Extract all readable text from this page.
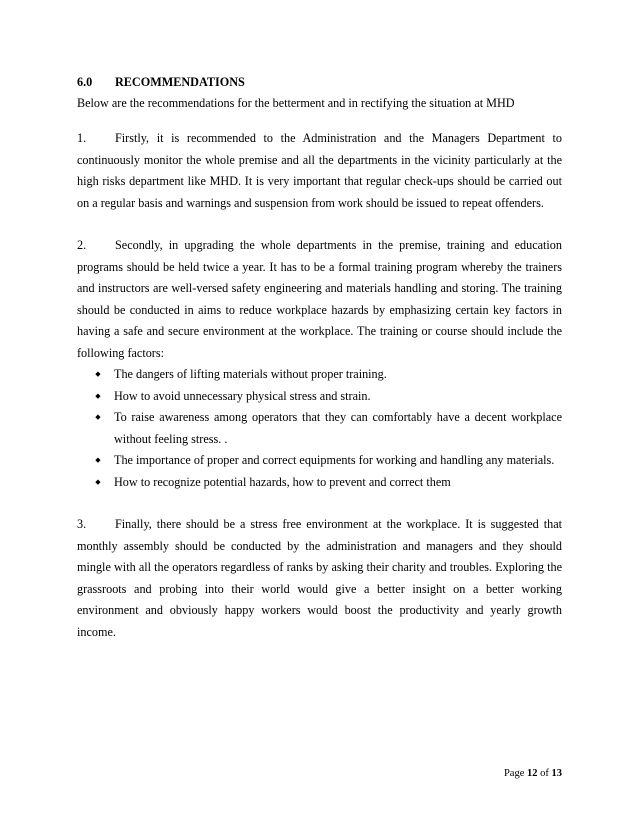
6.0 RECOMMENDATIONS
Below are the recommendations for the betterment and in rectifying the situation at MHD
1. Firstly, it is recommended to the Administration and the Managers Department to continuously monitor the whole premise and all the departments in the vicinity particularly at the high risks department like MHD. It is very important that regular check-ups should be carried out on a regular basis and warnings and suspension from work should be issued to repeat offenders.
2. Secondly, in upgrading the whole departments in the premise, training and education programs should be held twice a year. It has to be a formal training program whereby the trainers and instructors are well-versed safety engineering and materials handling and storing. The training should be conducted in aims to reduce workplace hazards by emphasizing certain key factors in having a safe and secure environment at the workplace. The training or course should include the following factors:
◆	The dangers of lifting materials without proper training.
◆	How to avoid unnecessary physical stress and strain.
◆	To raise awareness among operators that they can comfortably have a decent workplace without feeling stress. .
◆	The importance of proper and correct equipments for working and handling any materials.
◆	How to recognize potential hazards, how to prevent and correct them
3. Finally, there should be a stress free environment at the workplace. It is suggested that monthly assembly should be conducted by the administration and managers and they should mingle with all the operators regardless of ranks by asking their charity and troubles. Exploring the grassroots and probing into their world would give a better insight on a better working environment and obviously happy workers would boost the productivity and yearly growth income.
Page 12 of 13
